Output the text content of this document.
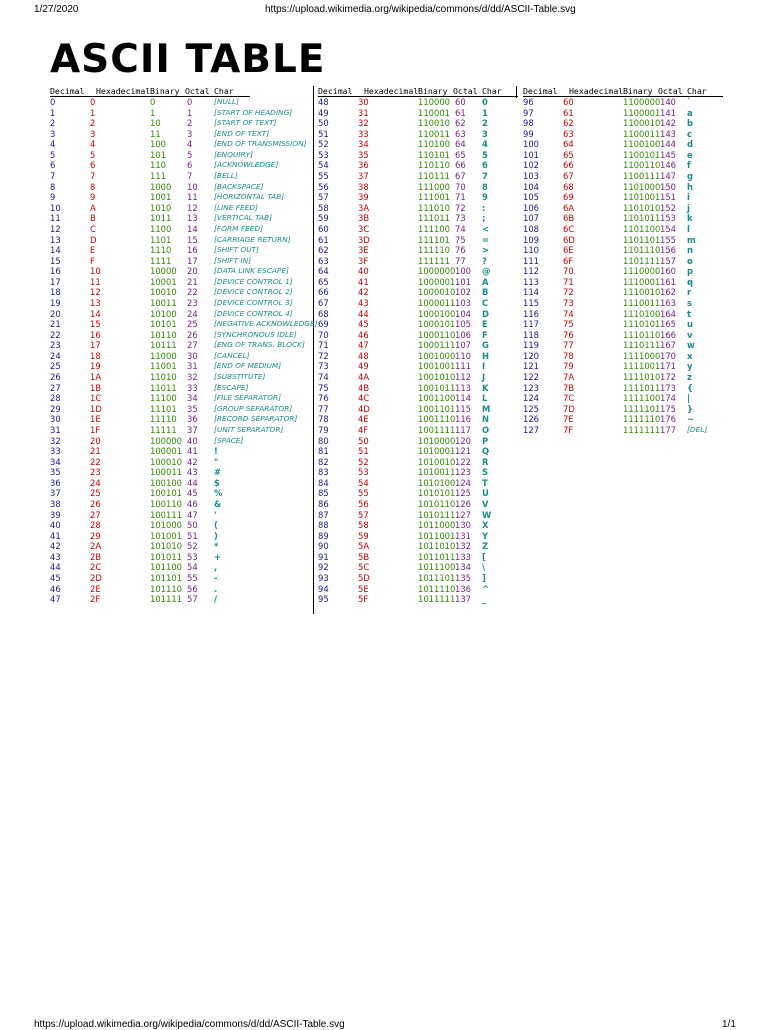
1/27/2020	https://upload.wikimedia.org/wikipedia/commons/d/dd/ASCII-Table.svg
ASCII TABLE
Decimal Hexadecimal Binary Octal Char
0	0	0	0	[NULL]
1	1	1	1	[START OF HEADING]
2	2	10	2	[START OF TEXT]
3	3	11	3	[END OF TEXT]
4	4	100	4	[END OF TRANSMISSION]
5	5	101	5	[ENQUIRY]
6	6	110	6	[ACKNOWLEDGE]
7	7	111	7	[BELL]
8	8	1000 10 [BACKSPACE]
9	9	1001 11 [HORIZONTAL TAB]
10	A	1010 12 [LINE FEED]
11	B	1011 13 [VERTICAL TAB]
12	C	1100 14 [FORM FEED]
13	D	1101 15 [CARRIAGE RETURN]
14	E	1110 16 [SHIFT OUT]
15	F	1111 17 [SHIFT IN]
16	10	10000 20 [DATA LINK ESCAPE]
17	11	10001 21 [DEVICE CONTROL 1]
18	12	10010 22 [DEVICE CONTROL 2]
19	13	10011 23 [DEVICE CONTROL 3]
20	14	10100 24 [DEVICE CONTROL 4]
21	15	10101 25 [NEGATIVE ACKNOWLEDGE]
22	16	10110 26 [SYNCHRONOUS IDLE]
23	17	10111 27 [ENG OF TRANS. BLOCK]
24	18	11000 30 [CANCEL]
25	19	11001 31 [END OF MEDIUM]
26	1A	11010 32 [SUBSTITUTE]
27	1B	11011 33 [ESCAPE]
28	1C	11100 34 [FILE SEPARATOR]
29	1D	11101 35 [GROUP SEPARATOR]
30	1E	11110 36 [RECORD SEPARATOR]
31	1F	11111 37 [UNIT SEPARATOR]
32	20	100000 40 [SPACE]
33	21	100001 41 !
34	22	100010 42 "
35	23	100011 43 #
36	24	100100 44 $
37	25	100101 45 %
38	26	100110 46 &
39	27	100111 47 '
40	28	101000 50 (
41	29	101001 51 )
42	2A	101010 52 *
43	2B	101011 53 +
44	2C	101100 54 ,
45	2D	101101 55 -
46	2E	101110 56 .
47	2F	101111 57 /
Decimal Hexadecimal Binary Octal Char
48	30	110000 60 0
49	31	110001 61 1
50	32	110010 62 2
51	33	110011 63 3
52	34	110100 64 4
53	35	110101 65 5
54	36	110110 66 6
55	37	110111 67 7
56	38	111000 70 8
57	39	111001 71 9
58	3A	111010 72 :
59	3B	111011 73 ;
60	3C	111100 74 <
61	3D	111101 75 =
62	3E	111110 76 >
63	3F	111111 77 ?
64	40	1000000 100 @
65	41	1000001 101 A
66	42	1000010 102 B
67	43	1000011 103 C
68	44	1000100 104 D
69	45	1000101 105 E
70	46	1000110 106 F
71	47	1000111 107 G
72	48	1001000 110 H
73	49	1001001 111 I
74	4A	1001010 112 J
75	4B	1001011 113 K
76	4C	1001100 114 L
77	4D	1001101 115 M
78	4E	1001110 116 N
79	4F	1001111 117 O
80	50	1010000 120 P
81	51	1010001 121 Q
82	52	1010010 122 R
83	53	1010011 123 S
84	54	1010100 124 T
85	55	1010101 125 U
86	56	1010110 126 V
87	57	1010111 127 W
88	58	1011000 130 X
89	59	1011001 131 Y
90	5A	1011010 132 Z
91	5B	1011011 133 [
92	5C	1011100 134 \
93	5D	1011101 135 ]
94	5E	1011110 136 ^
95	5F	1011111 137 _
Decimal Hexadecimal Binary Octal Char
96	60	1100000 140 `
97	61	1100001 141 a
98	62	1100010 142 b
99	63	1100011 143 c
100	64	1100100 144 d
101	65	1100101 145 e
102	66	1100110 146 f
103	67	1100111 147 g
104	68	1101000 150 h
105	69	1101001 151 i
106	6A	1101010 152 j
107	6B	1101011 153 k
108	6C	1101100 154 l
109	6D	1101101 155 m
110	6E	1101110 156 n
111	6F	1101111 157 o
112	70	1110000 160 p
113	71	1110001 161 q
114	72	1110010 162 r
115	73	1110011 163 s
116	74	1110100 164 t
117	75	1110101 165 u
118	76	1110110 166 v
119	77	1110111 167 w
120	78	1111000 170 x
121	79	1111001 171 y
122	7A	1111010 172 z
123	7B	1111011 173 {
124	7C	1111100 174 |
125	7D	1111101 175 }
126	7E	1111110 176 ~
127	7F	1111111 177 [DEL]
https://upload.wikimedia.org/wikipedia/commons/d/dd/ASCII-Table.svg	1/1
